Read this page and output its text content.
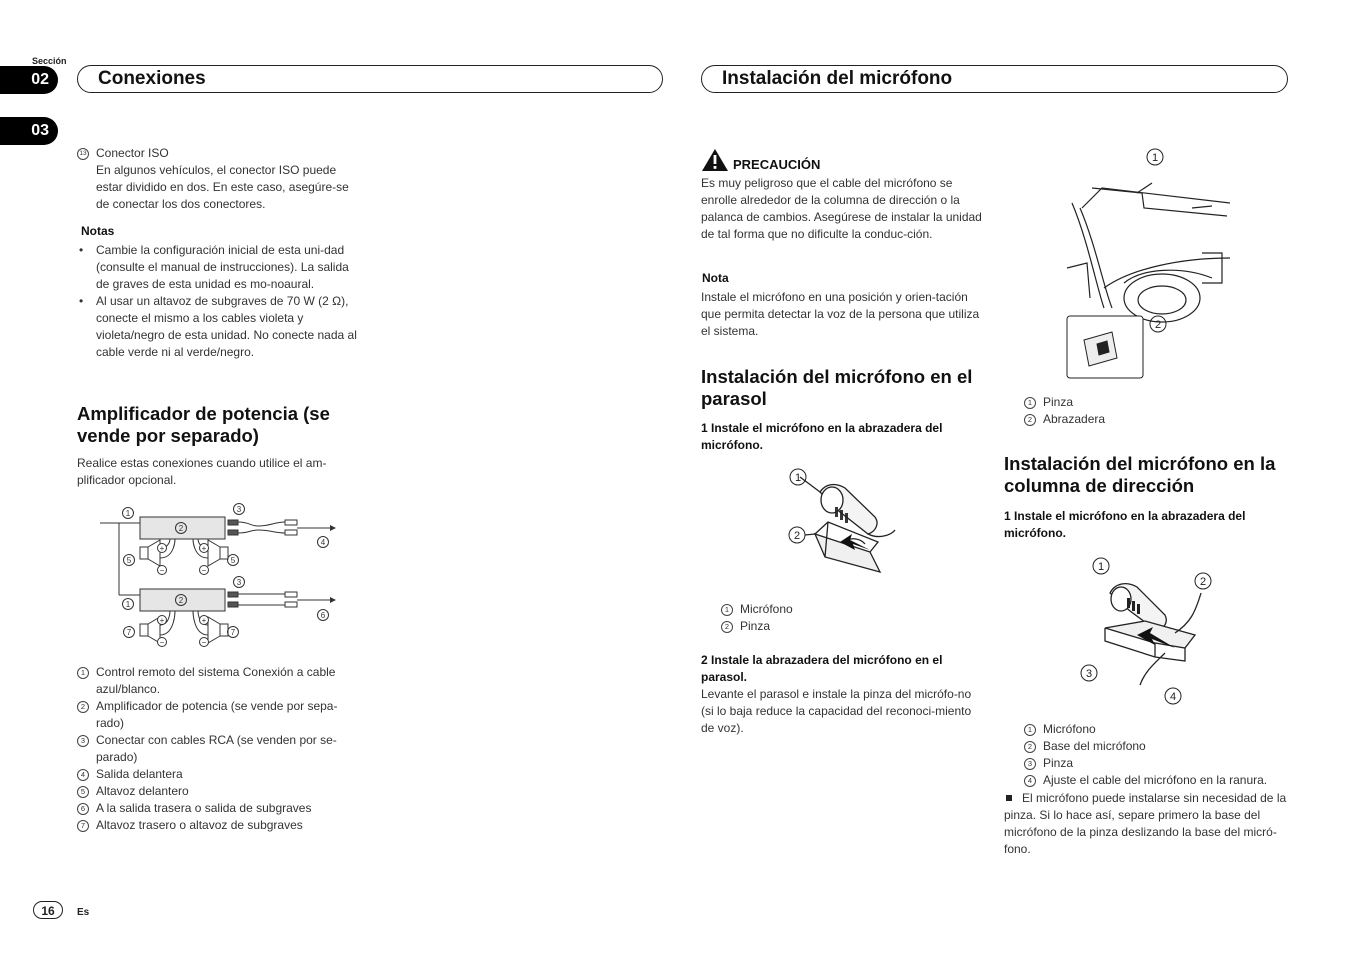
Sección
02
03
Conexiones	Instalación del micrófono
13 Conector ISO
En algunos vehículos, el conector ISO puede estar dividido en dos. En este caso, asegúre-se de conectar los dos conectores.
Notas
• Cambie la configuración inicial de esta uni-dad (consulte el manual de instrucciones). La salida de graves de esta unidad es mo-noaural.
• Al usar un altavoz de subgraves de 70 W (2 Ω), conecte el mismo a los cables violeta y violeta/negro de esta unidad. No conecte nada al cable verde ni al verde/negro.
Amplificador de potencia (se vende por separado)
Realice estas conexiones cuando utilice el am-plificador opcional.
+	+
−	−
+	+
−	−
1
2
3
4
5	5
3
1	2
6
7	7
1 Control remoto del sistema Conexión a cable azul/blanco.
2 Amplificador de potencia (se vende por sepa-rado)
3 Conectar con cables RCA (se venden por se-parado)
4 Salida delantera
5 Altavoz delantero
6 A la salida trasera o salida de subgraves
7 Altavoz trasero o altavoz de subgraves
16	Es
PRECAUCIÓN
Es muy peligroso que el cable del micrófono se enrolle alrededor de la columna de dirección o la palanca de cambios. Asegúrese de instalar la unidad de tal forma que no dificulte la conduc-ción.
Nota
Instale el micrófono en una posición y orien-tación que permita detectar la voz de la persona que utiliza el sistema.
Instalación del micrófono en el parasol
1 Instale el micrófono en la abrazadera del micrófono.
1
2
1 Micrófono
2 Pinza
2 Instale la abrazadera del micrófono en el parasol.
Levante el parasol e instale la pinza del micrófo-no (si lo baja reduce la capacidad del reconoci-miento de voz).
1
2
1 Pinza
2 Abrazadera
Instalación del micrófono en la columna de dirección
1 Instale el micrófono en la abrazadera del micrófono.
1
2
3
4
1 Micrófono
2 Base del micrófono
3 Pinza
4 Ajuste el cable del micrófono en la ranura.
El micrófono puede instalarse sin necesidad de la pinza. Si lo hace así, separe primero la base del micrófono de la pinza deslizando la base del micró-fono.
